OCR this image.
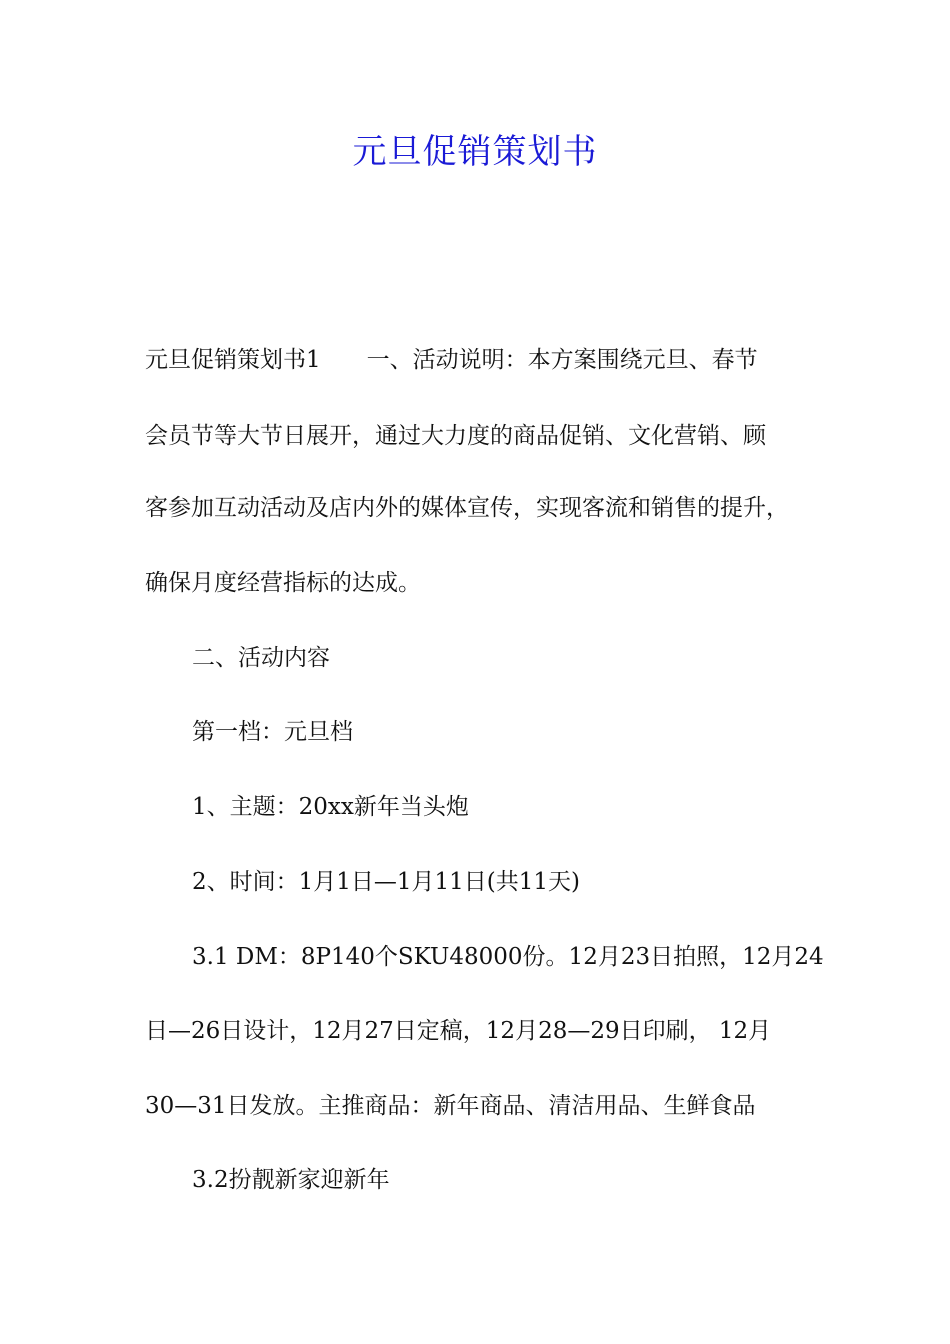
元旦促销策划书

元旦促销策划书1　　一、活动说明：本方案围绕元旦、春节

会员节等大节日展开，通过大力度的商品促销、文化营销、顾

客参加互动活动及店内外的媒体宣传，实现客流和销售的提升，

确保月度经营指标的达成。

二、活动内容

第一档：元旦档

1、主题：20xx新年当头炮

2、时间：1月1日—1月11日(共11天)

3.1 DM：8P140个SKU48000份。12月23日拍照，12月24

日—26日设计，12月27日定稿，12月28—29日印刷， 12月

30—31日发放。主推商品：新年商品、清洁用品、生鲜食品

3.2扮靓新家迎新年
